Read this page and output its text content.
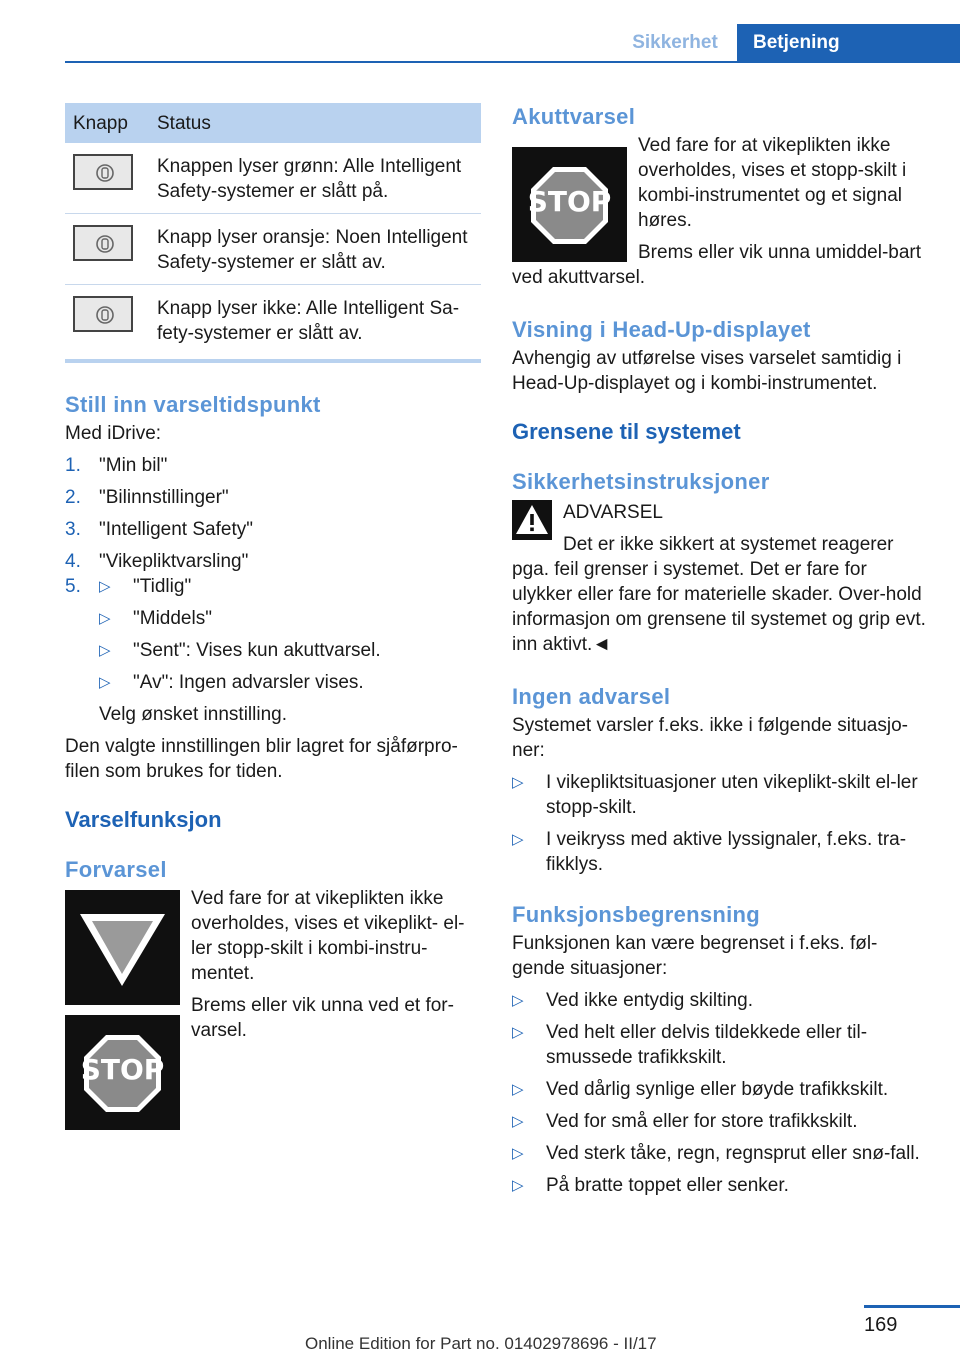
Sikkerhet	Betjening
Knapp	Status

	Knappen lyser grønn: Alle Intelligent Safety-systemer er slått på.

	Knapp lyser oransje: Noen Intelligent Safety-systemer er slått av.

	Knapp lyser ikke: Alle Intelligent Sa-fety-systemer er slått av.
Still inn varseltidspunkt

Med iDrive:

1. "Min bil"
2. "Bilinnstillinger"
3. "Intelligent Safety"
4. "Vikepliktvarsling"
5. ▷ "Tidlig"
▷ "Middels"
▷ "Sent": Vises kun akuttvarsel.
▷ "Av": Ingen advarsler vises.

Velg ønsket innstilling.

Den valgte innstillingen blir lagret for sjåførpro-filen som brukes for tiden.

Varselfunksjon
Forvarsel
STOP

Ved fare for at vikeplikten ikke overholdes, vises et vikeplikt- el-ler stopp-skilt i kombi-instru-mentet.

Brems eller vik unna ved et for-varsel.

Akuttvarsel
STOP

Ved fare for at vikeplikten ikke overholdes, vises et stopp-skilt i kombi-instrumentet og et signal høres.

Brems eller vik unna umiddel-bart ved akuttvarsel.

Visning i Head-Up-displayet

Avhengig av utførelse vises varselet samtidig i Head-Up-displayet og i kombi-instrumentet.

Grensene til systemet
Sikkerhetsinstruksjoner

ADVARSEL

Det er ikke sikkert at systemet reagerer pga. feil grenser i systemet. Det er fare for ulykker eller fare for materielle skader. Over-hold informasjon om grensene til systemet og grip evt. inn aktivt.◄

Ingen advarsel

Systemet varsler f.eks. ikke i følgende situasjo-ner:

▷ I vikepliktsituasjoner uten vikeplikt-skilt el-ler stopp-skilt.
▷ I veikryss med aktive lyssignaler, f.eks. tra-fikklys.
Funksjonsbegrensning

Funksjonen kan være begrenset i f.eks. føl-gende situasjoner:

▷ Ved ikke entydig skilting.
▷ Ved helt eller delvis tildekkede eller til-smussede trafikkskilt.
▷ Ved dårlig synlige eller bøyde trafikkskilt.
▷ Ved for små eller for store trafikkskilt.
▷ Ved sterk tåke, regn, regnsprut eller snø-fall.
▷ På bratte toppet eller senker.
169
Online Edition for Part no. 01402978696 - II/17
